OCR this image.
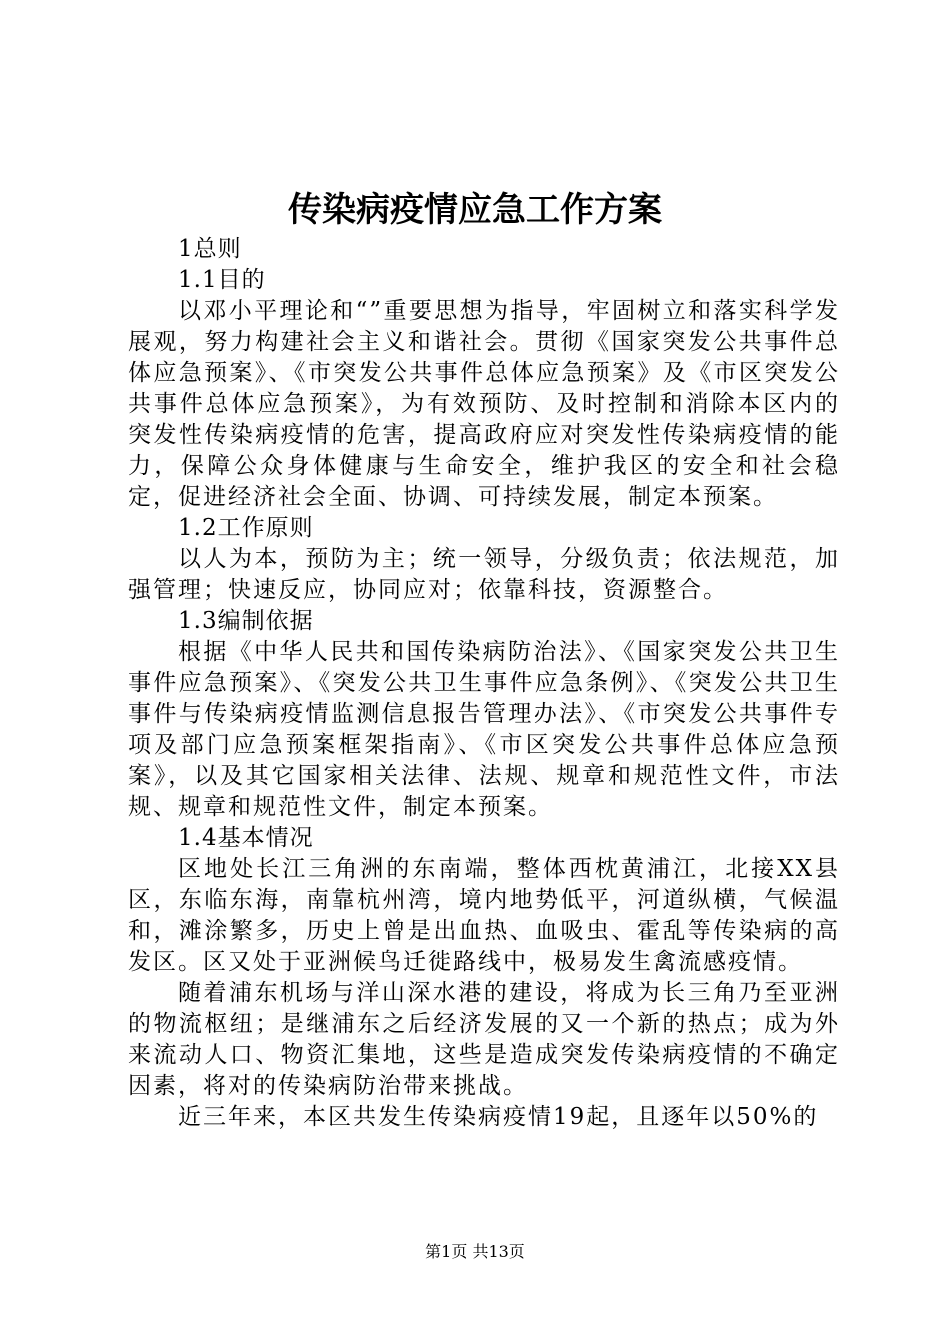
传染病疫情应急工作方案

1总则

1.1目的

以邓小平理论和“”重要思想为指导，牢固树立和落实科学发展观，努力构建社会主义和谐社会。贯彻《国家突发公共事件总体应急预案》、《市突发公共事件总体应急预案》及《市区突发公共事件总体应急预案》，为有效预防、及时控制和消除本区内的突发性传染病疫情的危害，提高政府应对突发性传染病疫情的能力，保障公众身体健康与生命安全，维护我区的安全和社会稳定，促进经济社会全面、协调、可持续发展，制定本预案。

1.2工作原则

以人为本，预防为主；统一领导，分级负责；依法规范，加强管理；快速反应，协同应对；依靠科技，资源整合。

1.3编制依据

根据《中华人民共和国传染病防治法》、《国家突发公共卫生事件应急预案》、《突发公共卫生事件应急条例》、《突发公共卫生事件与传染病疫情监测信息报告管理办法》、《市突发公共事件专项及部门应急预案框架指南》、《市区突发公共事件总体应急预案》，以及其它国家相关法律、法规、规章和规范性文件，市法规、规章和规范性文件，制定本预案。

1.4基本情况

区地处长江三角洲的东南端，整体西枕黄浦江，北接XX县区，东临东海，南靠杭州湾，境内地势低平，河道纵横，气候温和，滩涂繁多，历史上曾是出血热、血吸虫、霍乱等传染病的高发区。区又处于亚洲候鸟迁徙路线中，极易发生禽流感疫情。

随着浦东机场与洋山深水港的建设，将成为长三角乃至亚洲的物流枢纽；是继浦东之后经济发展的又一个新的热点；成为外来流动人口、物资汇集地，这些是造成突发传染病疫情的不确定因素，将对的传染病防治带来挑战。

近三年来，本区共发生传染病疫情19起，且逐年以50%的

第1页 共13页
